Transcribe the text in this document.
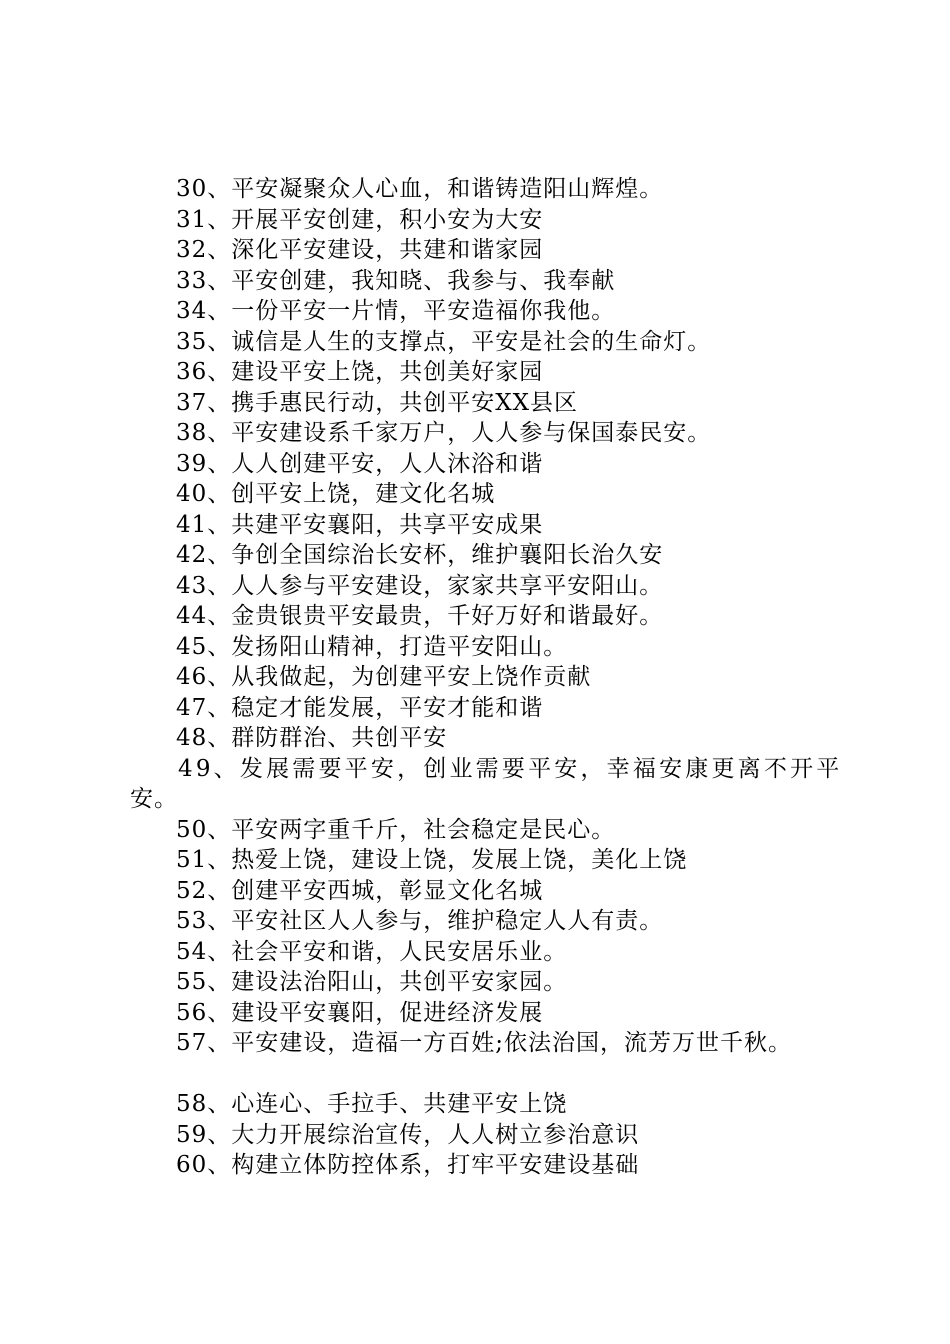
30、平安凝聚众人心血，和谐铸造阳山辉煌。
31、开展平安创建，积小安为大安
32、深化平安建设，共建和谐家园
33、平安创建，我知晓、我参与、我奉献
34、一份平安一片情，平安造福你我他。
35、诚信是人生的支撑点，平安是社会的生命灯。
36、建设平安上饶，共创美好家园
37、携手惠民行动，共创平安XX县区
38、平安建设系千家万户，人人参与保国泰民安。
39、人人创建平安，人人沐浴和谐
40、创平安上饶，建文化名城
41、共建平安襄阳，共享平安成果
42、争创全国综治长安杯，维护襄阳长治久安
43、人人参与平安建设，家家共享平安阳山。
44、金贵银贵平安最贵，千好万好和谐最好。
45、发扬阳山精神，打造平安阳山。
46、从我做起，为创建平安上饶作贡献
47、稳定才能发展，平安才能和谐
48、群防群治、共创平安
49、发展需要平安，创业需要平安，幸福安康更离不开平
安。
50、平安两字重千斤，社会稳定是民心。
51、热爱上饶，建设上饶，发展上饶，美化上饶
52、创建平安西城，彰显文化名城
53、平安社区人人参与，维护稳定人人有责。
54、社会平安和谐，人民安居乐业。
55、建设法治阳山，共创平安家园。
56、建设平安襄阳，促进经济发展
57、平安建设，造福一方百姓;依法治国，流芳万世千秋。
58、心连心、手拉手、共建平安上饶
59、大力开展综治宣传，人人树立参治意识
60、构建立体防控体系，打牢平安建设基础
